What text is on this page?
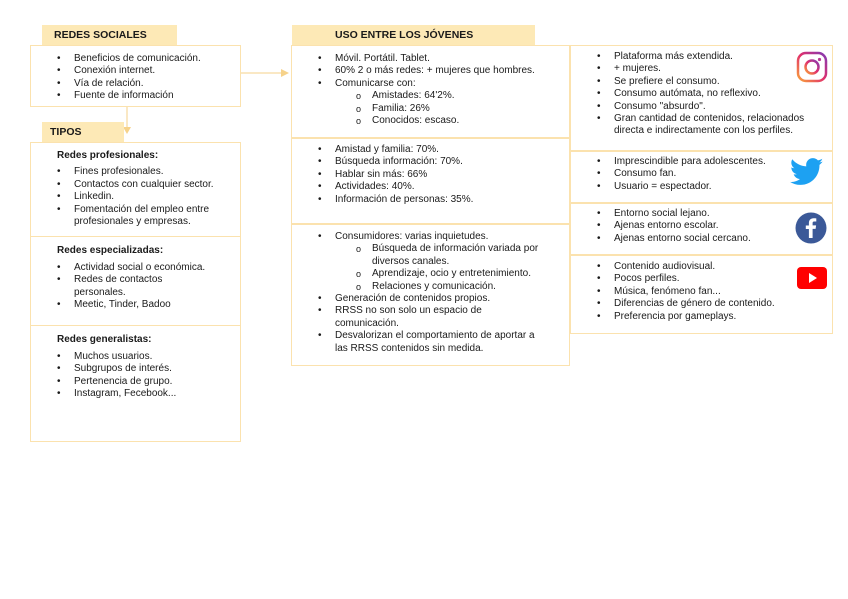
REDES SOCIALES
• Beneficios de comunicación.
• Conexión internet.
• Vía de relación.
• Fuente de información
TIPOS
Redes profesionales:
• Fines profesionales.
• Contactos con cualquier sector.
• Linkedin.
• Fomentación del empleo entre
profesionales y empresas.
Redes especializadas:
• Actividad social o económica.
• Redes de contactos
personales.
• Meetic, Tinder, Badoo
Redes generalistas:
• Muchos usuarios.
• Subgrupos de interés.
• Pertenencia de grupo.
• Instagram, Fecebook...
USO ENTRE LOS JÓVENES
• Móvil. Portátil. Tablet.
• 60% 2 o más redes: + mujeres que hombres.
• Comunicarse con:
o Amistades: 64'2%.
o Familia: 26%
o Conocidos: escaso.
• Amistad y familia: 70%.
• Búsqueda información: 70%.
• Hablar sin más: 66%
• Actividades: 40%.
• Información de personas: 35%.
• Consumidores: varias inquietudes.
o Búsqueda de información variada por
diversos canales.
o Aprendizaje, ocio y entretenimiento.
o Relaciones y comunicación.
• Generación de contenidos propios.
• RRSS no son solo un espacio de
comunicación.
• Desvalorizan el comportamiento de aportar a
las RRSS contenidos sin medida.
• Plataforma más extendida.
• + mujeres.
• Se prefiere el consumo.
• Consumo autómata, no reflexivo.
• Consumo "absurdo".
• Gran cantidad de contenidos, relacionados
directa e indirectamente con los perfiles.
• Imprescindible para adolescentes.
• Consumo fan.
• Usuario = espectador.
• Entorno social lejano.
• Ajenas entorno escolar.
• Ajenas entorno social cercano.
• Contenido audiovisual.
• Pocos perfiles.
• Música, fenómeno fan...
• Diferencias de género de contenido.
• Preferencia por gameplays.
